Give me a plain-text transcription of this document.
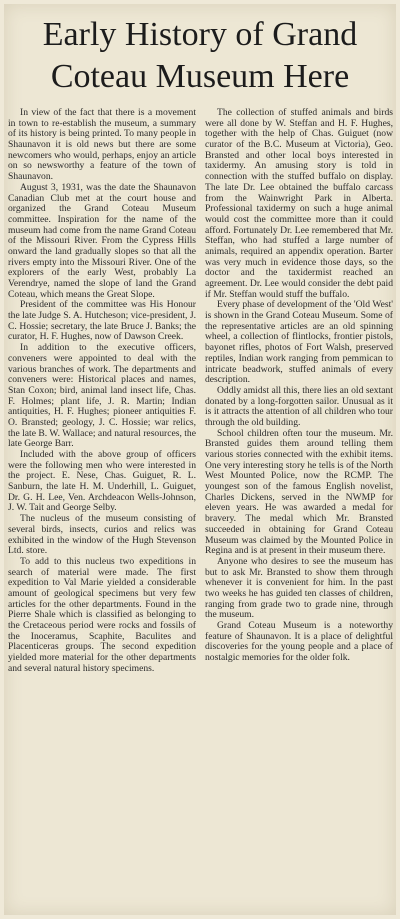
Early History of Grand
Coteau Museum Here

In view of the fact that there is a movement in town to re-establish the museum, a summary of its history is being printed. To many people in Shaunavon it is old news but there are some newcomers who would, perhaps, enjoy an article on so newsworthy a feature of the town of Shaunavon.

August 3, 1931, was the date the Shaunavon Canadian Club met at the court house and organized the Grand Coteau Museum committee. Inspiration for the name of the museum had come from the name Grand Coteau of the Missouri River. From the Cypress Hills onward the land gradually slopes so that all the rivers empty into the Missouri River. One of the explorers of the early West, probably La Verendrye, named the slope of land the Grand Coteau, which means the Great Slope.

President of the committee was His Honour the late Judge S. A. Hutcheson; vice-president, J. C. Hossie; secretary, the late Bruce J. Banks; the curator, H. F. Hughes, now of Dawson Creek.

In addition to the executive officers, conveners were appointed to deal with the various branches of work. The departments and conveners were: Historical places and names, Stan Coxon; bird, animal land insect life, Chas. F. Holmes; plant life, J. R. Martin; Indian antiquities, H. F. Hughes; pioneer antiquities F. O. Bransted; geology, J. C. Hossie; war relics, the late B. W. Wallace; and natural resources, the late George Barr.

Included with the above group of officers were the following men who were interested in the project. E. Nese, Chas. Guiguet, R. L. Sanburn, the late H. M. Underhill, L. Guiguet, Dr. G. H. Lee, Ven. Archdeacon Wells-Johnson, J. W. Tait and George Selby.

The nucleus of the museum consisting of several birds, insects, curios and relics was exhibited in the window of the Hugh Stevenson Ltd. store.

To add to this nucleus two expeditions in search of material were made. The first expedition to Val Marie yielded a considerable amount of geological specimens but very few articles for the other departments. Found in the Pierre Shale which is classified as belonging to the Cretaceous period were rocks and fossils of the Inoceramus, Scaphite, Baculites and Placenticeras groups. The second expedition yielded more material for the other departments and several natural history specimens.

The collection of stuffed animals and birds were all done by W. Steffan and H. F. Hughes, together with the help of Chas. Guiguet (now curator of the B.C. Museum at Victoria), Geo. Bransted and other local boys interested in taxidermy. An amusing story is told in connection with the stuffed buffalo on display. The late Dr. Lee obtained the buffalo carcass from the Wainwright Park in Alberta. Professional taxidermy on such a huge animal would cost the committee more than it could afford. Fortunately Dr. Lee remembered that Mr. Steffan, who had stuffed a large number of animals, required an appendix operation. Barter was very much in evidence those days, so the doctor and the taxidermist reached an agreement. Dr. Lee would consider the debt paid if Mr. Steffan would stuff the buffalo.

Every phase of development of the 'Old West' is shown in the Grand Coteau Museum. Some of the representative articles are an old spinning wheel, a collection of flintlocks, frontier pistols, bayonet rifles, photos of Fort Walsh, preserved reptiles, Indian work ranging from pemmican to intricate beadwork, stuffed animals of every description.

Oddly amidst all this, there lies an old sextant donated by a long-forgotten sailor. Unusual as it is it attracts the attention of all children who tour through the old building.

School children often tour the museum. Mr. Bransted guides them around telling them various stories connected with the exhibit items. One very interesting story he tells is of the North West Mounted Police, now the RCMP. The youngest son of the famous English novelist, Charles Dickens, served in the NWMP for eleven years. He was awarded a medal for bravery. The medal which Mr. Bransted succeeded in obtaining for Grand Coteau Museum was claimed by the Mounted Police in Regina and is at present in their museum there.

Anyone who desires to see the museum has but to ask Mr. Bransted to show them through whenever it is convenient for him. In the past two weeks he has guided ten classes of children, ranging from grade two to grade nine, through the museum.

Grand Coteau Museum is a noteworthy feature of Shaunavon. It is a place of delightful discoveries for the young people and a place of nostalgic memories for the older folk.
